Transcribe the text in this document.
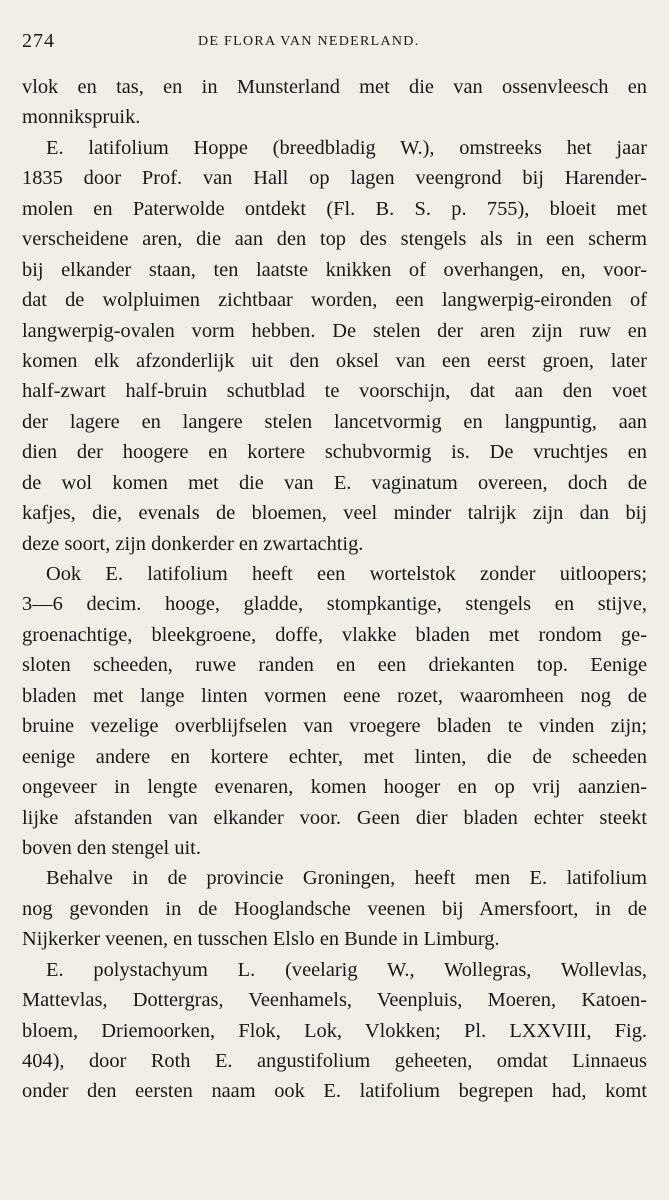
274	DE FLORA VAN NEDERLAND.
vlok en tas, en in Munsterland met die van ossenvleesch en
monnikspruik.
E. latifolium Hoppe (breedbladig W.), omstreeks het jaar
1835 door Prof. van Hall op lagen veengrond bij Harender-
molen en Paterwolde ontdekt (Fl. B. S. p. 755), bloeit met
verscheidene aren, die aan den top des stengels als in een scherm
bij elkander staan, ten laatste knikken of overhangen, en, voor-
dat de wolpluimen zichtbaar worden, een langwerpig-eironden of
langwerpig-ovalen vorm hebben. De stelen der aren zijn ruw en
komen elk afzonderlijk uit den oksel van een eerst groen, later
half-zwart half-bruin schutblad te voorschijn, dat aan den voet
der lagere en langere stelen lancetvormig en langpuntig, aan
dien der hoogere en kortere schubvormig is. De vruchtjes en
de wol komen met die van E. vaginatum overeen, doch de
kafjes, die, evenals de bloemen, veel minder talrijk zijn dan bij
deze soort, zijn donkerder en zwartachtig.
Ook E. latifolium heeft een wortelstok zonder uitloopers;
3—6 decim. hooge, gladde, stompkantige, stengels en stijve,
groenachtige, bleekgroene, doffe, vlakke bladen met rondom ge-
sloten scheeden, ruwe randen en een driekanten top. Eenige
bladen met lange linten vormen eene rozet, waaromheen nog de
bruine vezelige overblijfselen van vroegere bladen te vinden zijn;
eenige andere en kortere echter, met linten, die de scheeden
ongeveer in lengte evenaren, komen hooger en op vrij aanzien-
lijke afstanden van elkander voor. Geen dier bladen echter steekt
boven den stengel uit.
Behalve in de provincie Groningen, heeft men E. latifolium
nog gevonden in de Hooglandsche veenen bij Amersfoort, in de
Nijkerker veenen, en tusschen Elslo en Bunde in Limburg.
E. polystachyum L. (veelarig W., Wollegras, Wollevlas,
Mattevlas, Dottergras, Veenhamels, Veenpluis, Moeren, Katoen-
bloem, Driemoorken, Flok, Lok, Vlokken; Pl. LXXVIII, Fig.
404), door Roth E. angustifolium geheeten, omdat Linnaeus
onder den eersten naam ook E. latifolium begrepen had, komt
